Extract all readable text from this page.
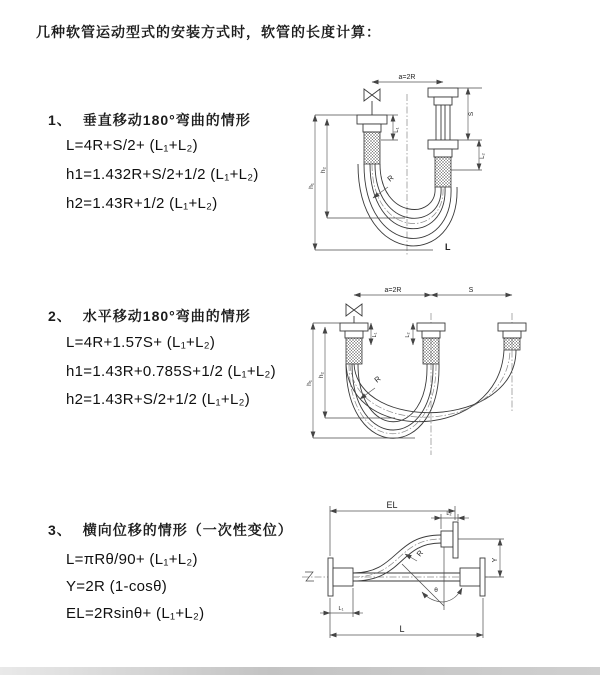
几种软管运动型式的安装方式时，软管的长度计算：
1、 垂直移动180°弯曲的情形
L=4R+S/2+ (L₁+L₂)
h1=1.432R+S/2+1/2 (L₁+L₂)
h2=1.43R+1/2 (L₁+L₂)
a=2R
R
h₁
h₂
L₁
S
L₂
L
2、 水平移动180°弯曲的情形
L=4R+1.57S+ (L₁+L₂)
h1=1.43R+0.785S+1/2 (L₁+L₂)
h2=1.43R+S/2+1/2 (L₁+L₂)
a=2R	S
R
h₁
h₂
L₁	L₂
3、 横向位移的情形（一次性变位）
L=πRθ/90+ (L₁+L₂)
Y=2R (1-cosθ)
EL=2Rsinθ+ (L₁+L₂)
EL
L₂
Y
θ
R
L
L₁
